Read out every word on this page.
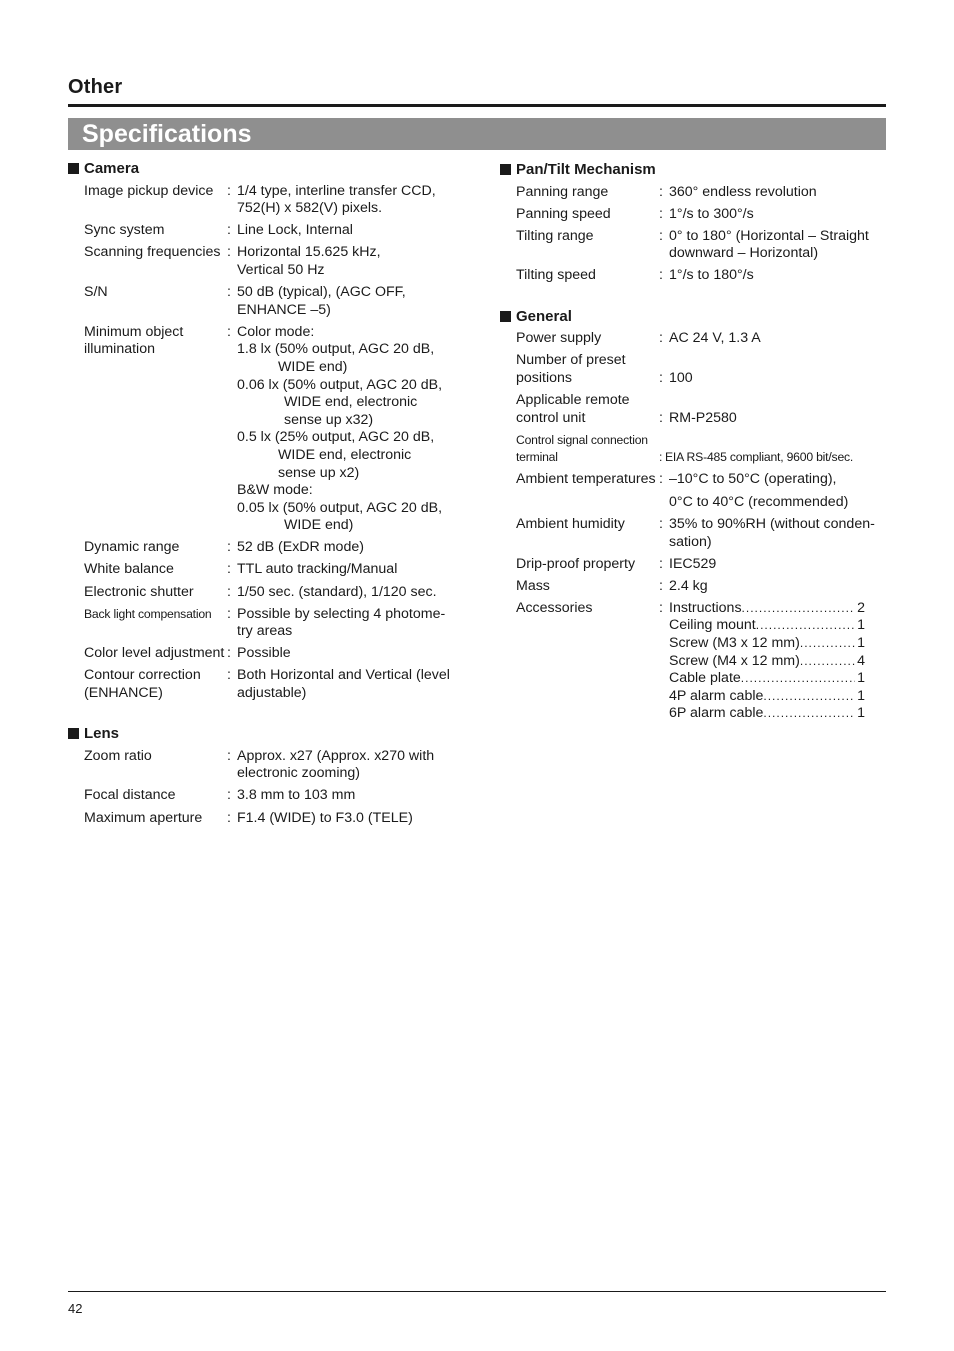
Other
Specifications
Camera
Image pickup device : 1/4 type, interline transfer CCD,
752(H) x 582(V) pixels.
Sync system	: Line Lock, Internal
Scanning frequencies : Horizontal 15.625 kHz,
Vertical 50 Hz
S/N	: 50 dB (typical), (AGC OFF,
ENHANCE –5)
Minimum object
illumination
: Color mode:
1.8 lx (50% output, AGC 20 dB,
WIDE end)
0.06 lx (50% output, AGC 20 dB,
WIDE end, electronic
sense up x32)
0.5 lx (25% output, AGC 20 dB,
WIDE end, electronic
sense up x2)
B&W mode:
0.05 lx (50% output, AGC 20 dB,
WIDE end)
Dynamic range	: 52 dB (ExDR mode)
White balance	: TTL auto tracking/Manual
Electronic shutter	: 1/50 sec. (standard), 1/120 sec.
Back light compensation	: Possible by selecting 4 photome-
try areas
Color level adjustment : Possible
Contour correction
(ENHANCE)
: Both Horizontal and Vertical (level
adjustable)
Lens
Zoom ratio	: Approx. x27 (Approx. x270 with
electronic zooming)
Focal distance	: 3.8 mm to 103 mm
Maximum aperture	: F1.4 (WIDE) to F3.0 (TELE)
Pan/Tilt Mechanism
Panning range	: 360° endless revolution
Panning speed	: 1°/s to 300°/s
Tilting range	: 0° to 180° (Horizontal – Straight
downward – Horizontal)
Tilting speed	: 1°/s to 180°/s
General
Power supply	: AC 24 V, 1.3 A
Number of preset
positions	: 100
Applicable remote
control unit	: RM-P2580
Control signal connection
terminal	: EIA RS-485 compliant, 9600 bit/sec.
Ambient temperatures : –10°C to 50°C (operating),
0°C to 40°C (recommended)
Ambient humidity	: 35% to 90%RH (without conden-
sation)
Drip-proof property	: IEC529
Mass	: 2.4 kg
Accessories	: Instructions .....	2
Ceiling mount .....	1
Screw (M3 x 12 mm) .....	1
Screw (M4 x 12 mm) .....	4
Cable plate .....	1
4P alarm cable .....	1
6P alarm cable .....	1
42
